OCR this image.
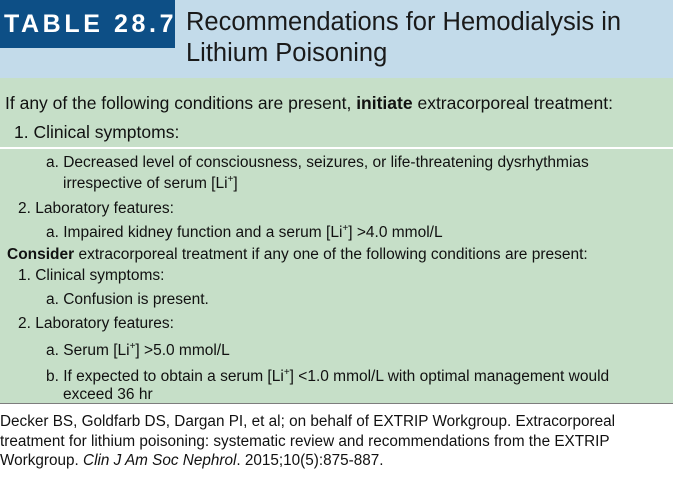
TABLE 28.7 Recommendations for Hemodialysis in Lithium Poisoning
If any of the following conditions are present, initiate extracorporeal treatment:
1. Clinical symptoms:
a. Decreased level of consciousness, seizures, or life-threatening dysrhythmias
irrespective of serum [Li+]
2. Laboratory features:
a. Impaired kidney function and a serum [Li+] >4.0 mmol/L
Consider extracorporeal treatment if any one of the following conditions are present:
1. Clinical symptoms:
a. Confusion is present.
2. Laboratory features:
a. Serum [Li+] >5.0 mmol/L
b. If expected to obtain a serum [Li+] <1.0 mmol/L with optimal management would
exceed 36 hr
Decker BS, Goldfarb DS, Dargan PI, et al; on behalf of EXTRIP Workgroup. Extracorporeal treatment for lithium poisoning: systematic review and recommendations from the EXTRIP Workgroup. Clin J Am Soc Nephrol. 2015;10(5):875-887.
